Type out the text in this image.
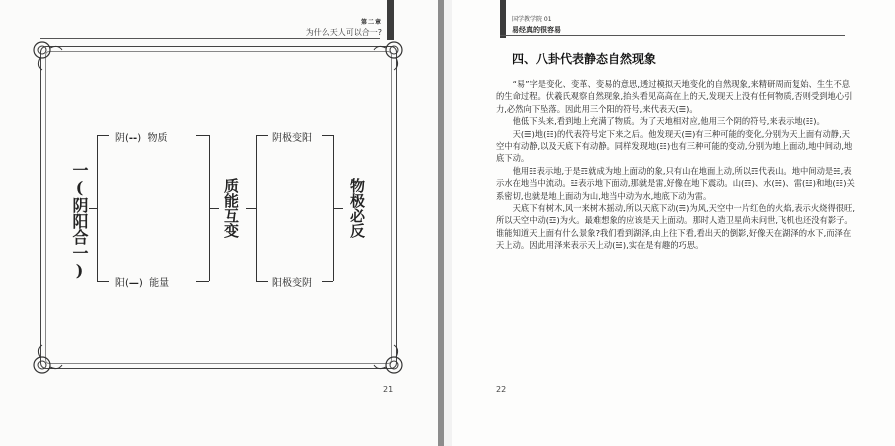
第二章
为什么天人可以合一?
一(阴阳合一)	质能互变	物极必反
阴(--) 物质
阳(—) 能量
阴极变阳
阳极变阴
21
国学教学院 01
易经真的很容易
四、八卦代表静态自然现象

“易”字是变化、变革、变易的意思,透过模拟天地变化的自然现象,来精研周而复始、生生不息的生命过程。伏羲氏观察自然现象,抬头看见高高在上的天,发现天上没有任何物质,否则受到地心引力,必然向下坠落。因此用三个阳的符号,来代表天(☰)。

他低下头来,看到地上充满了物质。为了天地相对应,他用三个阴的符号,来表示地(☷)。

天(☰)地(☷)的代表符号定下来之后。他发现天(☰)有三种可能的变化,分别为天上面有动静,天空中有动静,以及天底下有动静。同样发现地(☷)也有三种可能的变动,分别为地上面动,地中间动,地底下动。

他用☷表示地,于是☶就成为地上面动的象,只有山在地面上动,所以☶代表山。地中间动是☵,表示水在地当中流动。☳表示地下面动,那就是雷,好像在地下震动。山(☶)、水(☵)、雷(☳)和地(☷)关系密切,也就是地上面动为山,地当中动为水,地底下动为雷。

天底下有树木,风一来树木摇动,所以天底下动(☴)为风,天空中一片红色的火焰,表示火烧得很旺,所以天空中动(☲)为火。最难想象的应该是天上面动。那时人造卫星尚未问世,飞机也还没有影子。谁能知道天上面有什么景象?我们看到湖泽,由上往下看,看出天的倒影,好像天在湖泽的水下,而泽在天上动。因此用泽来表示天上动(☱),实在是有趣的巧思。

22
